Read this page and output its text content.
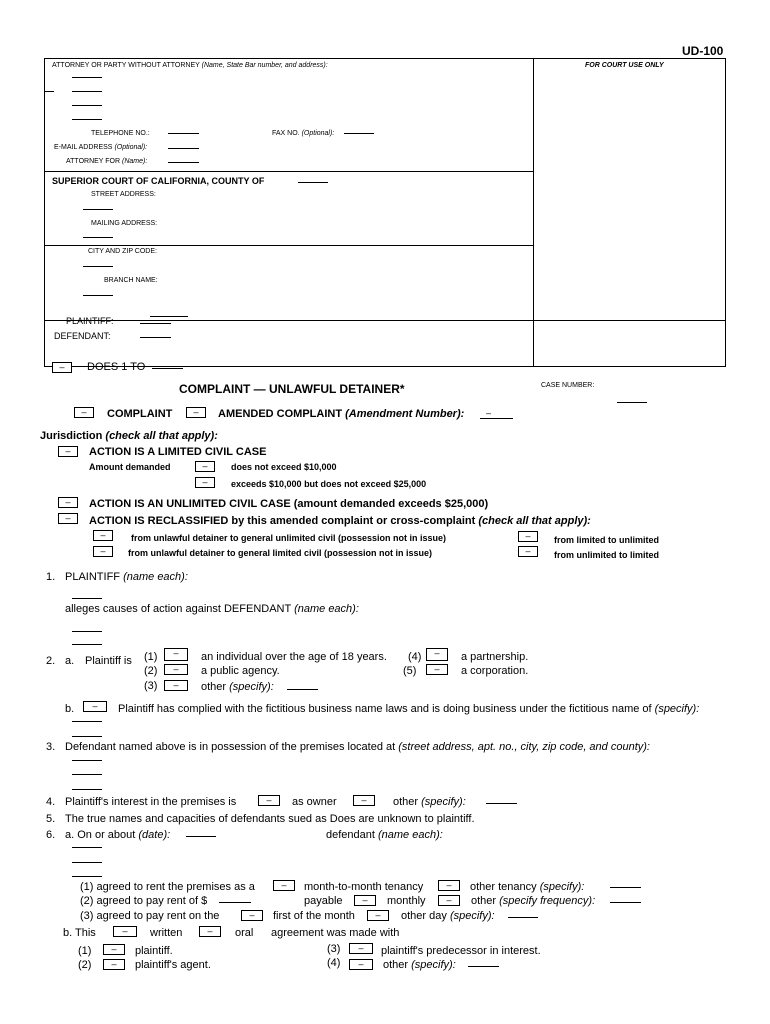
UD-100
ATTORNEY OR PARTY WITHOUT ATTORNEY (Name, State Bar number, and address):	FOR COURT USE ONLY
TELEPHONE NO.:	FAX NO. (Optional):
E-MAIL ADDRESS (Optional):
ATTORNEY FOR (Name):
SUPERIOR COURT OF CALIFORNIA, COUNTY OF
STREET ADDRESS:
MAILING ADDRESS:
CITY AND ZIP CODE:
BRANCH NAME:
PLAINTIFF:
DEFENDANT:
–
DOES 1 TO
COMPLAINT — UNLAWFUL DETAINER*	CASE NUMBER:
–
COMPLAINT –	AMENDED COMPLAINT (Amendment Number): –
Jurisdiction (check all that apply):
–
ACTION IS A LIMITED CIVIL CASE
Amount demanded –	does not exceed $10,000
–
exceeds $10,000 but does not exceed $25,000
–
ACTION IS AN UNLIMITED CIVIL CASE (amount demanded exceeds $25,000)
–
ACTION IS RECLASSIFIED by this amended complaint or cross-complaint (check all that apply):
–
from unlawful detainer to general unlimited civil (possession not in issue)
–
from unlawful detainer to general limited civil (possession not in issue)
–
from limited to unlimited
–
from unlimited to limited
1. PLAINTIFF (name each):
alleges causes of action against DEFENDANT (name each):
2. a. Plaintiff is (1) –	an individual over the age of 18 years.
(2) –	a public agency.
(3) –	other (specify):
(4) –	a partnership.
(5) –	a corporation.
b. –	Plaintiff has complied with the fictitious business name laws and is doing business under the fictitious name of (specify):
3. Defendant named above is in possession of the premises located at (street address, apt. no., city, zip code, and county):
4. Plaintiff's interest in the premises is –	as owner –	other (specify):
5. The true names and capacities of defendants sued as Does are unknown to plaintiff.
6. a. On or about (date):	defendant (name each):
(1) agreed to rent the premises as a –	month-to-month tenancy –	other tenancy (specify):
(2) agreed to pay rent of $	payable –	monthly –	other (specify frequency):
(3) agreed to pay rent on the –	first of the month –	other day (specify):
b. This –	written –	oral agreement was made with
(1) –	plaintiff.
(2) –	plaintiff's agent.
(3) –	plaintiff's predecessor in interest.
(4) –	other (specify):
